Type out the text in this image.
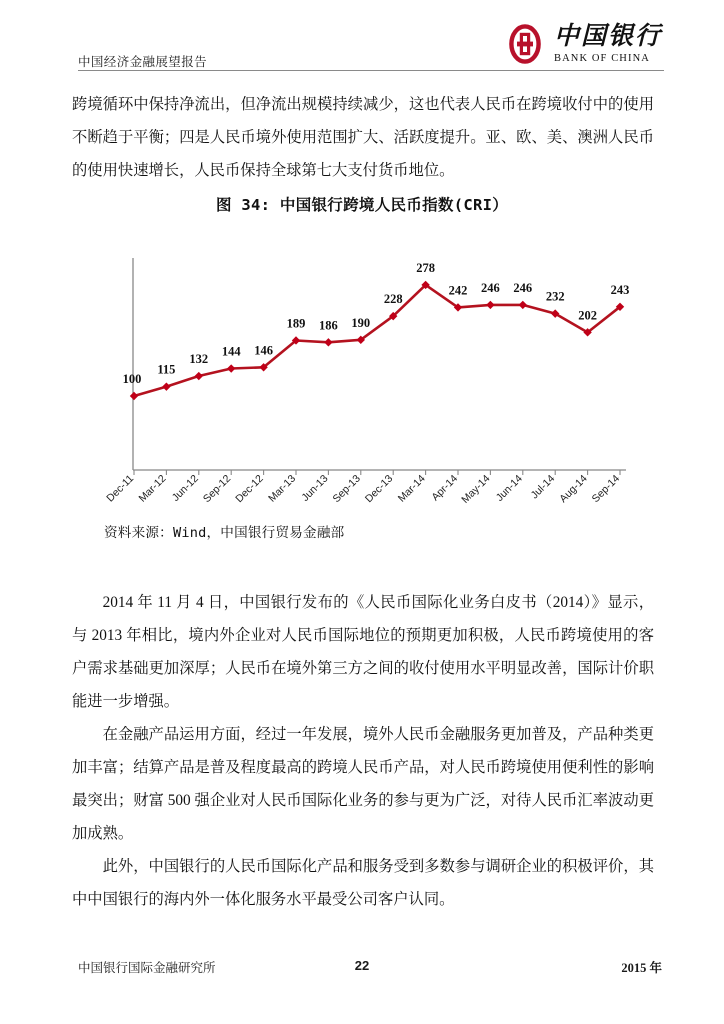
中国经济金融展望报告
中国银行
BANK OF CHINA
跨境循环中保持净流出，但净流出规模持续减少，这也代表人民币在跨境收付中的使用不断趋于平衡；四是人民币境外使用范围扩大、活跃度提升。亚、欧、美、澳洲人民币的使用快速增长，人民币保持全球第七大支付货币地位。
图 34: 中国银行跨境人民币指数(CRI）
100
115
132
144 146
189 186 190
228
278
242 246 246
232
202
243
Dec-11 Mar-12 Jun-12 Sep-12 Dec-12 Mar-13 Jun-13 Sep-13 Dec-13 Mar-14 Apr-14 May-14 Jun-14 Jul-14 Aug-14 Sep-14
资料来源：Wind，中国银行贸易金融部
2014 年 11 月 4 日，中国银行发布的《人民币国际化业务白皮书（2014）》显示，与 2013 年相比，境内外企业对人民币国际地位的预期更加积极，人民币跨境使用的客户需求基础更加深厚；人民币在境外第三方之间的收付使用水平明显改善，国际计价职能进一步增强。
在金融产品运用方面，经过一年发展，境外人民币金融服务更加普及，产品种类更加丰富；结算产品是普及程度最高的跨境人民币产品，对人民币跨境使用便利性的影响最突出；财富 500 强企业对人民币国际化业务的参与更为广泛，对待人民币汇率波动更加成熟。
此外，中国银行的人民币国际化产品和服务受到多数参与调研企业的积极评价，其中中国银行的海内外一体化服务水平最受公司客户认同。
中国银行国际金融研究所	22	2015 年
